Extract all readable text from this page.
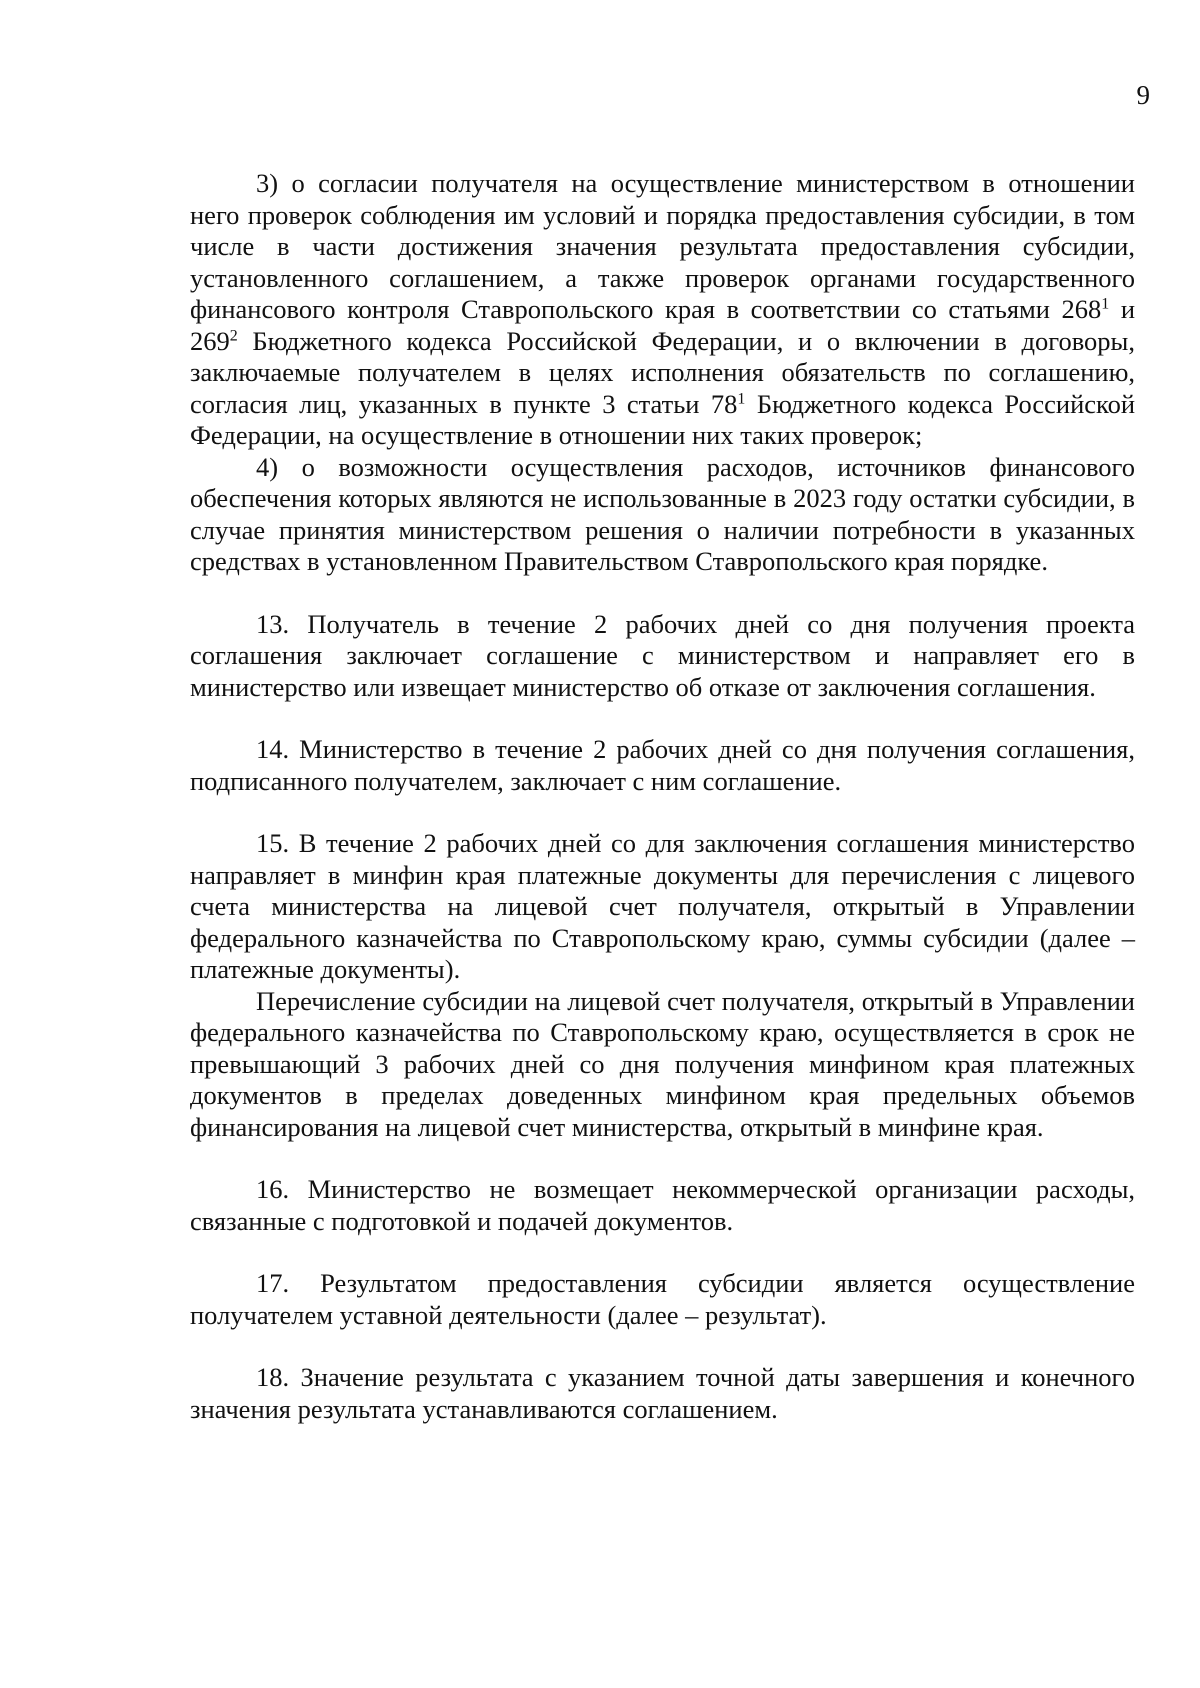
9

3) о согласии получателя на осуществление министерством в отношении него проверок соблюдения им условий и порядка предоставления субсидии, в том числе в части достижения значения результата предоставления субсидии, установленного соглашением, а также проверок органами государственного финансового контроля Ставропольского края в соответствии со статьями $268^1$ и $269^2$ Бюджетного кодекса Российской Федерации, и о включении в договоры, заключаемые получателем в целях исполнения обязательств по соглашению, согласия лиц, указанных в пункте 3 статьи $78^1$ Бюджетного кодекса Российской Федерации, на осуществление в отношении них таких проверок;

4) о возможности осуществления расходов, источников финансового обеспечения которых являются не использованные в 2023 году остатки субсидии, в случае принятия министерством решения о наличии потребности в указанных средствах в установленном Правительством Ставропольского края порядке.

13. Получатель в течение 2 рабочих дней со дня получения проекта соглашения заключает соглашение с министерством и направляет его в министерство или извещает министерство об отказе от заключения соглашения.

14. Министерство в течение 2 рабочих дней со дня получения соглашения, подписанного получателем, заключает с ним соглашение.

15. В течение 2 рабочих дней со для заключения соглашения министерство направляет в минфин края платежные документы для перечисления с лицевого счета министерства на лицевой счет получателя, открытый в Управлении федерального казначейства по Ставропольскому краю, суммы субсидии (далее – платежные документы).

Перечисление субсидии на лицевой счет получателя, открытый в Управлении федерального казначейства по Ставропольскому краю, осуществляется в срок не превышающий 3 рабочих дней со дня получения минфином края платежных документов в пределах доведенных минфином края предельных объемов финансирования на лицевой счет министерства, открытый в минфине края.

16. Министерство не возмещает некоммерческой организации расходы, связанные с подготовкой и подачей документов.

17. Результатом предоставления субсидии является осуществление получателем уставной деятельности (далее – результат).

18. Значение результата с указанием точной даты завершения и конечного значения результата устанавливаются соглашением.
